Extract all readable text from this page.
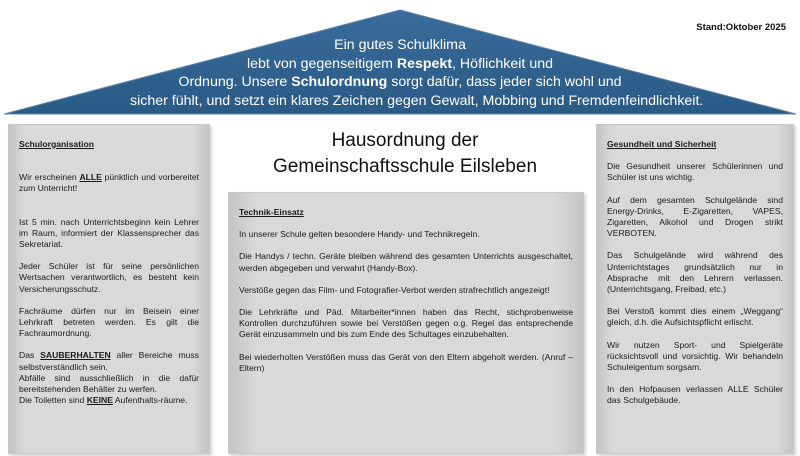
Ein gutes Schulklima
lebt von gegenseitigem Respekt, Höflichkeit und
Ordnung. Unsere Schulordnung sorgt dafür, dass jeder sich wohl und
sicher fühlt, und setzt ein klares Zeichen gegen Gewalt, Mobbing und Fremdenfeindlichkeit.
Stand:Oktober 2025
Hausordnung der
Gemeinschaftsschule Eilsleben

Schulorganisation

Wir erscheinen ALLE pünktlich und vorbereitet zum Unterricht!

Ist 5 min. nach Unterrichtsbeginn kein Lehrer im Raum, informiert der Klassensprecher das Sekretariat.

Jeder Schüler ist für seine persönlichen Wertsachen verantwortlich, es besteht kein Versicherungsschutz.

Fachräume dürfen nur im Beisein einer Lehrkraft betreten werden. Es gilt die Fachraumordnung.

Das SAUBERHALTEN aller Bereiche muss selbstverständlich sein.

Abfälle sind ausschließlich in die dafür bereitstehenden Behälter zu werfen.

Die Toiletten sind KEINE Aufenthalts-räume.

Technik-Einsatz

In unserer Schule gelten besondere Handy- und Technikregeln.

Die Handys / techn. Geräte bleiben während des gesamten Unterrichts ausgeschaltet, werden abgegeben und verwahrt (Handy-Box).

Verstöße gegen das Film- und Fotografier-Verbot werden strafrechtlich angezeigt!

Die Lehrkräfte und Päd. Mitarbeiter*innen haben das Recht, stichprobenweise Kontrollen durchzuführen sowie bei Verstößen gegen o.g. Regel das entsprechende Gerät einzusammeln und bis zum Ende des Schultages einzubehalten.

Bei wiederholten Verstößen muss das Gerät von den Eltern abgeholt werden. (Anruf – Eltern)

Gesundheit und Sicherheit

Die Gesundheit unserer Schülerinnen und Schüler ist uns wichtig.

Auf dem gesamten Schulgelände sind Energy-Drinks, E-Zigaretten, VAPES, Zigaretten, Alkohol und Drogen strikt VERBOTEN.

Das Schulgelände wird während des Unterrichtstages grundsätzlich nur in Absprache mit den Lehrern verlassen. (Unterrichtsgang, Freibad, etc.)

Bei Verstoß kommt dies einem „Weggang“ gleich, d.h. die Aufsichtspflicht erlischt.

Wir nutzen Sport- und Spielgeräte rücksichtsvoll und vorsichtig. Wir behandeln Schuleigentum sorgsam.

In den Hofpausen verlassen ALLE Schüler das Schulgebäude.
